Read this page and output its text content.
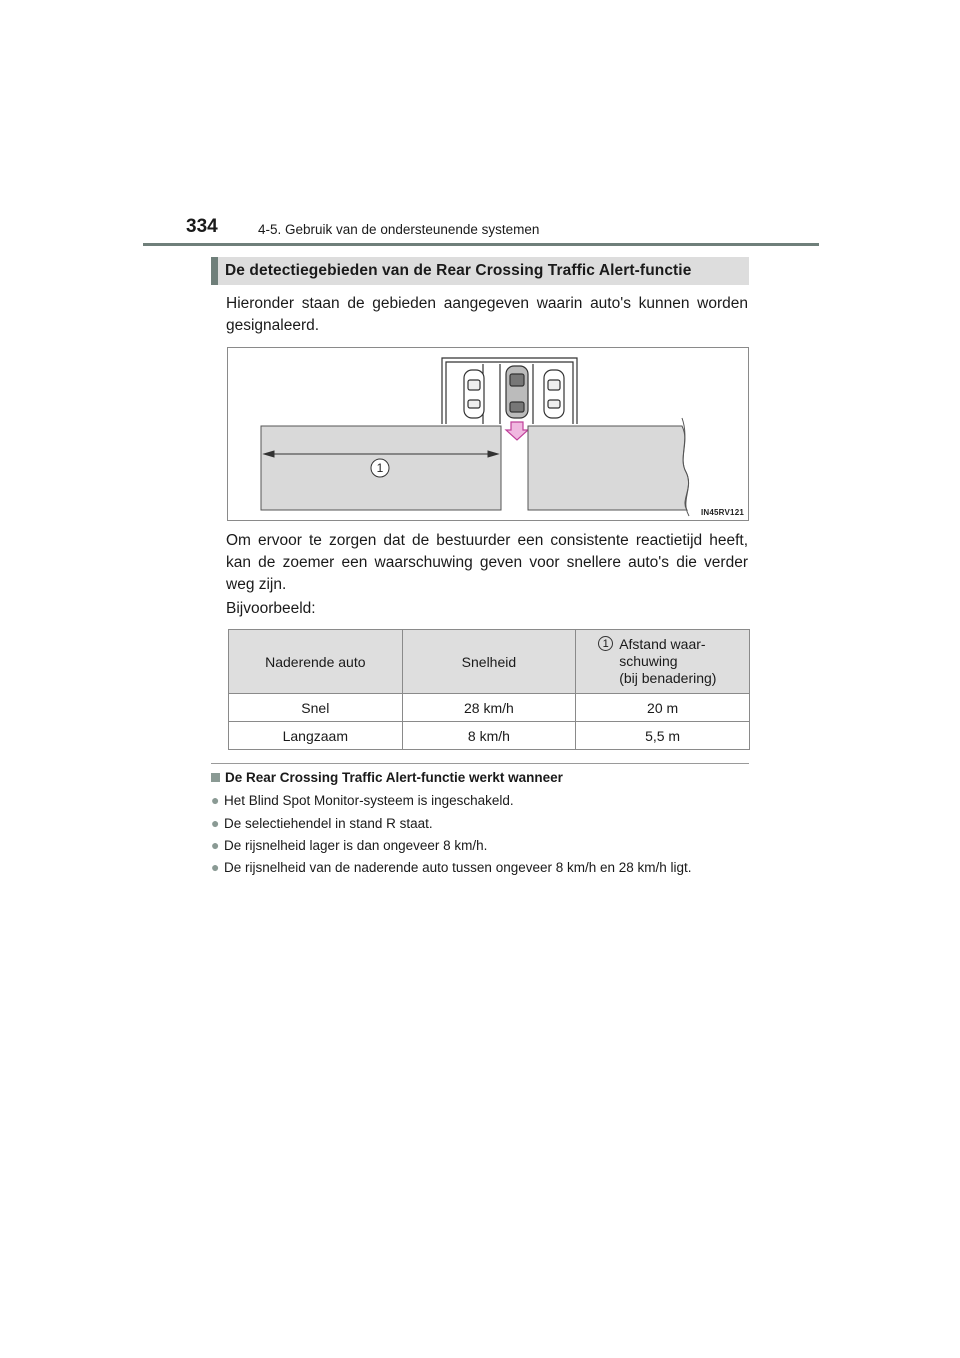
334	4-5. Gebruik van de ondersteunende systemen
De detectiegebieden van de Rear Crossing Traffic Alert-functie
Hieronder staan de gebieden aangegeven waarin auto's kunnen worden gesignaleerd.
1
IN45RV121
Om ervoor te zorgen dat de bestuurder een consistente reactietijd heeft, kan de zoemer een waarschuwing geven voor snellere auto's die verder weg zijn.
Bijvoorbeeld:
Naderende auto	Snelheid	1 Afstand waar-
schuwing
(bij benadering)

Snel	28 km/h	20 m
Langzaam	8 km/h	5,5 m
De Rear Crossing Traffic Alert-functie werkt wanneer
● Het Blind Spot Monitor-systeem is ingeschakeld.
● De selectiehendel in stand R staat.
● De rijsnelheid lager is dan ongeveer 8 km/h.
● De rijsnelheid van de naderende auto tussen ongeveer 8 km/h en 28 km/h ligt.
